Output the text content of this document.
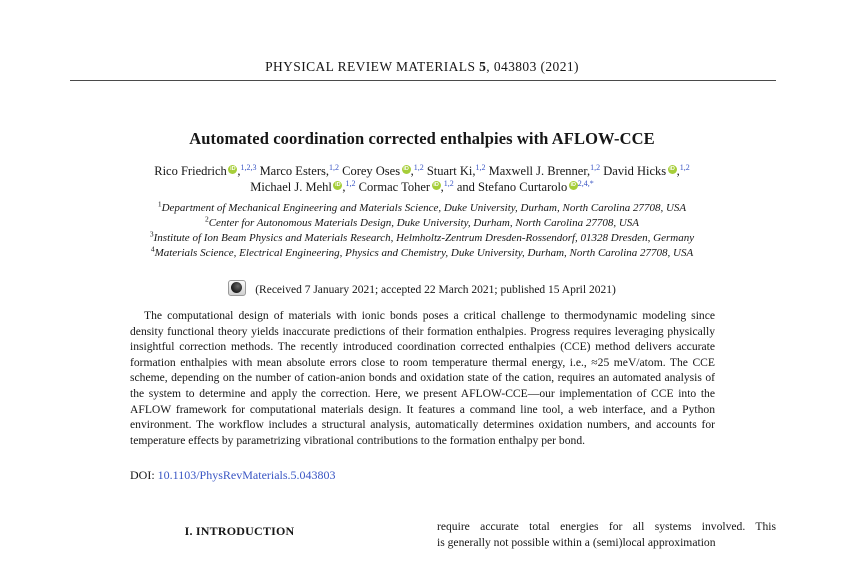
PHYSICAL REVIEW MATERIALS 5, 043803 (2021)
Automated coordination corrected enthalpies with AFLOW-CCE
Rico Friedrich iD ,$^{1,2,3}$ Marco Esters,$^{1,2}$ Corey Oses iD ,$^{1,2}$ Stuart Ki,$^{1,2}$ Maxwell J. Brenner,$^{1,2}$ David Hicks iD ,$^{1,2}$
Michael J. Mehl iD ,$^{1,2}$ Cormac Toher iD ,$^{1,2}$ and Stefano Curtarolo iD $^{2,4,*}$
$^1$Department of Mechanical Engineering and Materials Science, Duke University, Durham, North Carolina 27708, USA
$^2$Center for Autonomous Materials Design, Duke University, Durham, North Carolina 27708, USA
$^3$Institute of Ion Beam Physics and Materials Research, Helmholtz-Zentrum Dresden-Rossendorf, 01328 Dresden, Germany
$^4$Materials Science, Electrical Engineering, Physics and Chemistry, Duke University, Durham, North Carolina 27708, USA
(Received 7 January 2021; accepted 22 March 2021; published 15 April 2021)

The computational design of materials with ionic bonds poses a critical challenge to thermodynamic modeling since density functional theory yields inaccurate predictions of their formation enthalpies. Progress requires leveraging physically insightful correction methods. The recently introduced coordination corrected enthalpies (CCE) method delivers accurate formation enthalpies with mean absolute errors close to room temperature thermal energy, i.e., ≈25 meV/atom. The CCE scheme, depending on the number of cation-anion bonds and oxidation state of the cation, requires an automated analysis of the system to determine and apply the correction. Here, we present AFLOW-CCE—our implementation of CCE into the AFLOW framework for computational materials design. It features a command line tool, a web interface, and a Python environment. The workflow includes a structural analysis, automatically determines oxidation numbers, and accounts for temperature effects by parametrizing vibrational contributions to the formation enthalpy per bond.

DOI: 10.1103/PhysRevMaterials.5.043803
I. INTRODUCTION	require accurate total energies for all systems involved. This
is generally not possible within a (semi)local approximation
